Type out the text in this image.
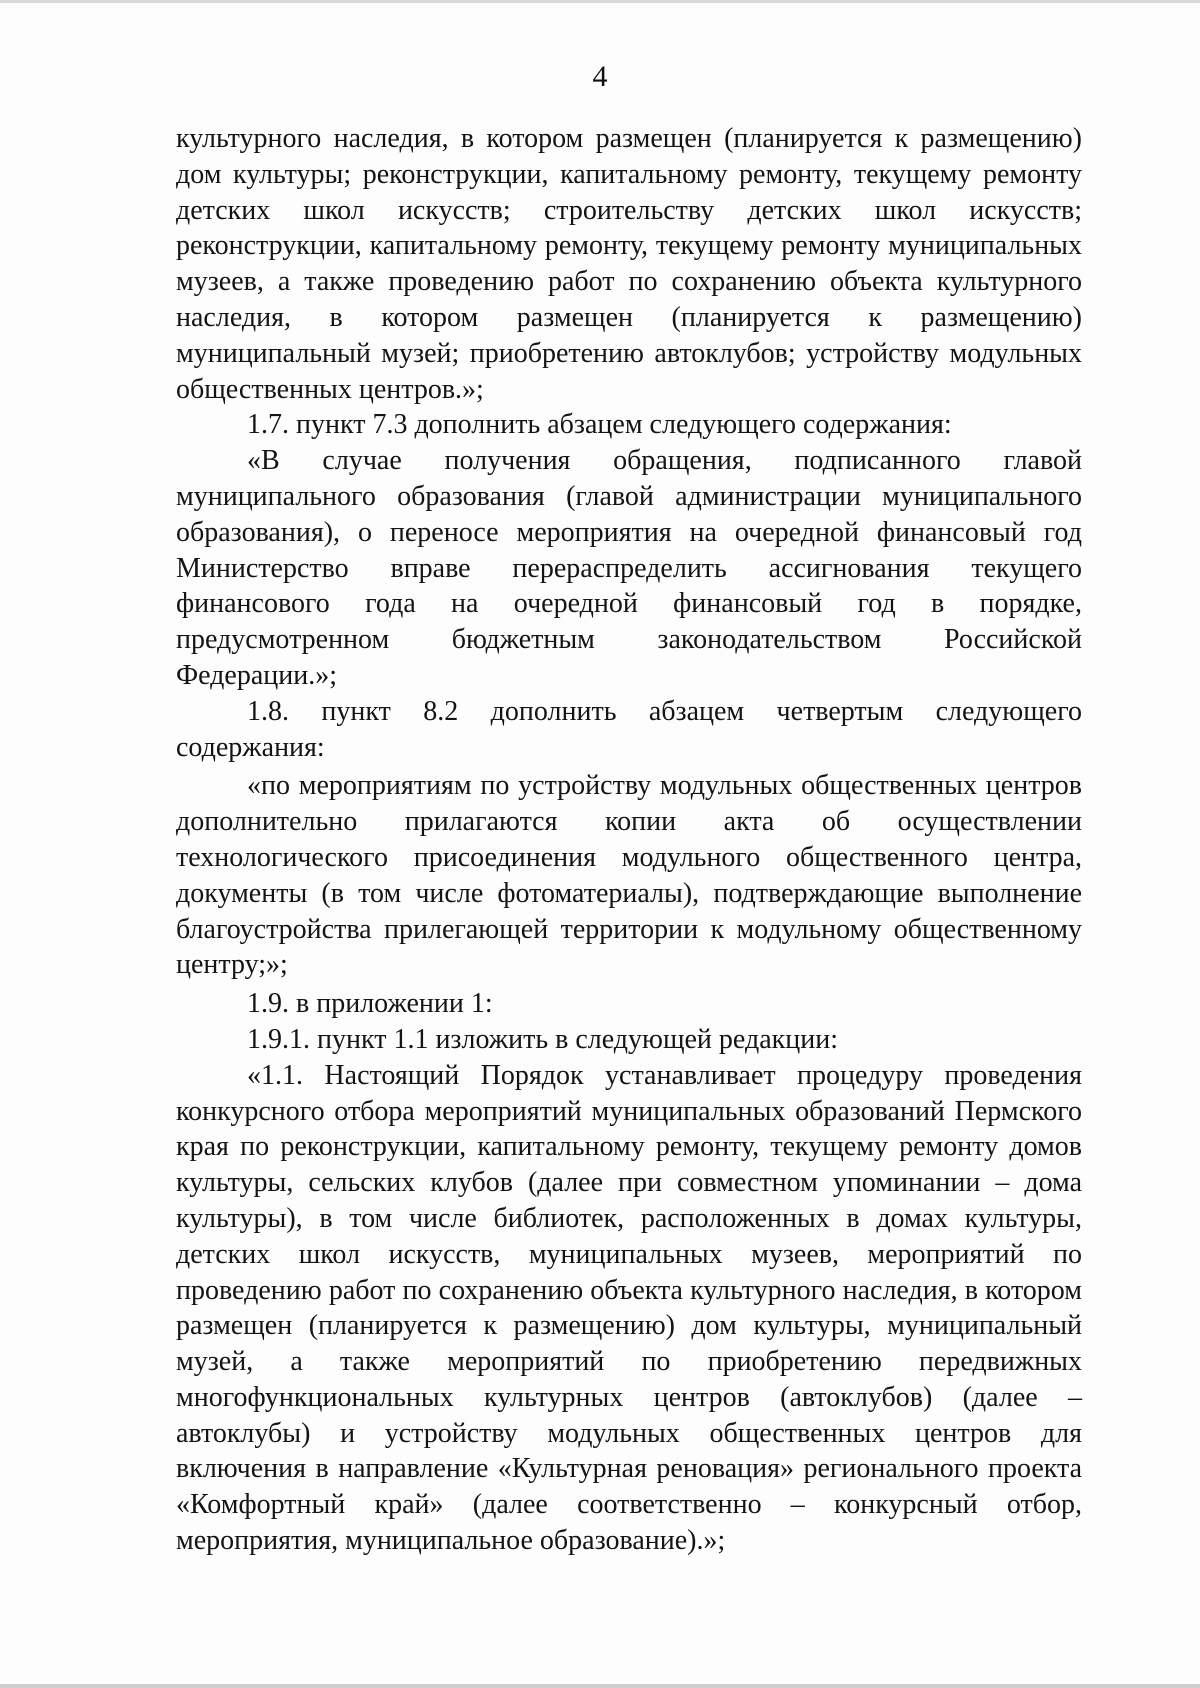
4

культурного наследия, в котором размещен (планируется к размещению) дом культуры; реконструкции, капитальному ремонту, текущему ремонту детских школ искусств; строительству детских школ искусств; реконструкции, капитальному ремонту, текущему ремонту муниципальных музеев, а также проведению работ по сохранению объекта культурного наследия, в котором размещен (планируется к размещению) муниципальный музей; приобретению автоклубов; устройству модульных общественных центров.»;

1.7. пункт 7.3 дополнить абзацем следующего содержания:

«В случае получения обращения, подписанного главой муниципального образования (главой администрации муниципального образования), о переносе мероприятия на очередной финансовый год Министерство вправе перераспределить ассигнования текущего финансового года на очередной финансовый год в порядке, предусмотренном бюджетным законодательством Российской Федерации.»;

1.8. пункт 8.2 дополнить абзацем четвертым следующего содержания:

«по мероприятиям по устройству модульных общественных центров дополнительно прилагаются копии акта об осуществлении технологического присоединения модульного общественного центра, документы (в том числе фотоматериалы), подтверждающие выполнение благоустройства прилегающей территории к модульному общественному центру;»;

1.9. в приложении 1:

1.9.1. пункт 1.1 изложить в следующей редакции:

«1.1. Настоящий Порядок устанавливает процедуру проведения конкурсного отбора мероприятий муниципальных образований Пермского края по реконструкции, капитальному ремонту, текущему ремонту домов культуры, сельских клубов (далее при совместном упоминании – дома культуры), в том числе библиотек, расположенных в домах культуры, детских школ искусств, муниципальных музеев, мероприятий по проведению работ по сохранению объекта культурного наследия, в котором размещен (планируется к размещению) дом культуры, муниципальный музей, а также мероприятий по приобретению передвижных многофункциональных культурных центров (автоклубов) (далее – автоклубы) и устройству модульных общественных центров для включения в направление «Культурная реновация» регионального проекта «Комфортный край» (далее соответственно – конкурсный отбор, мероприятия, муниципальное образование).»;
